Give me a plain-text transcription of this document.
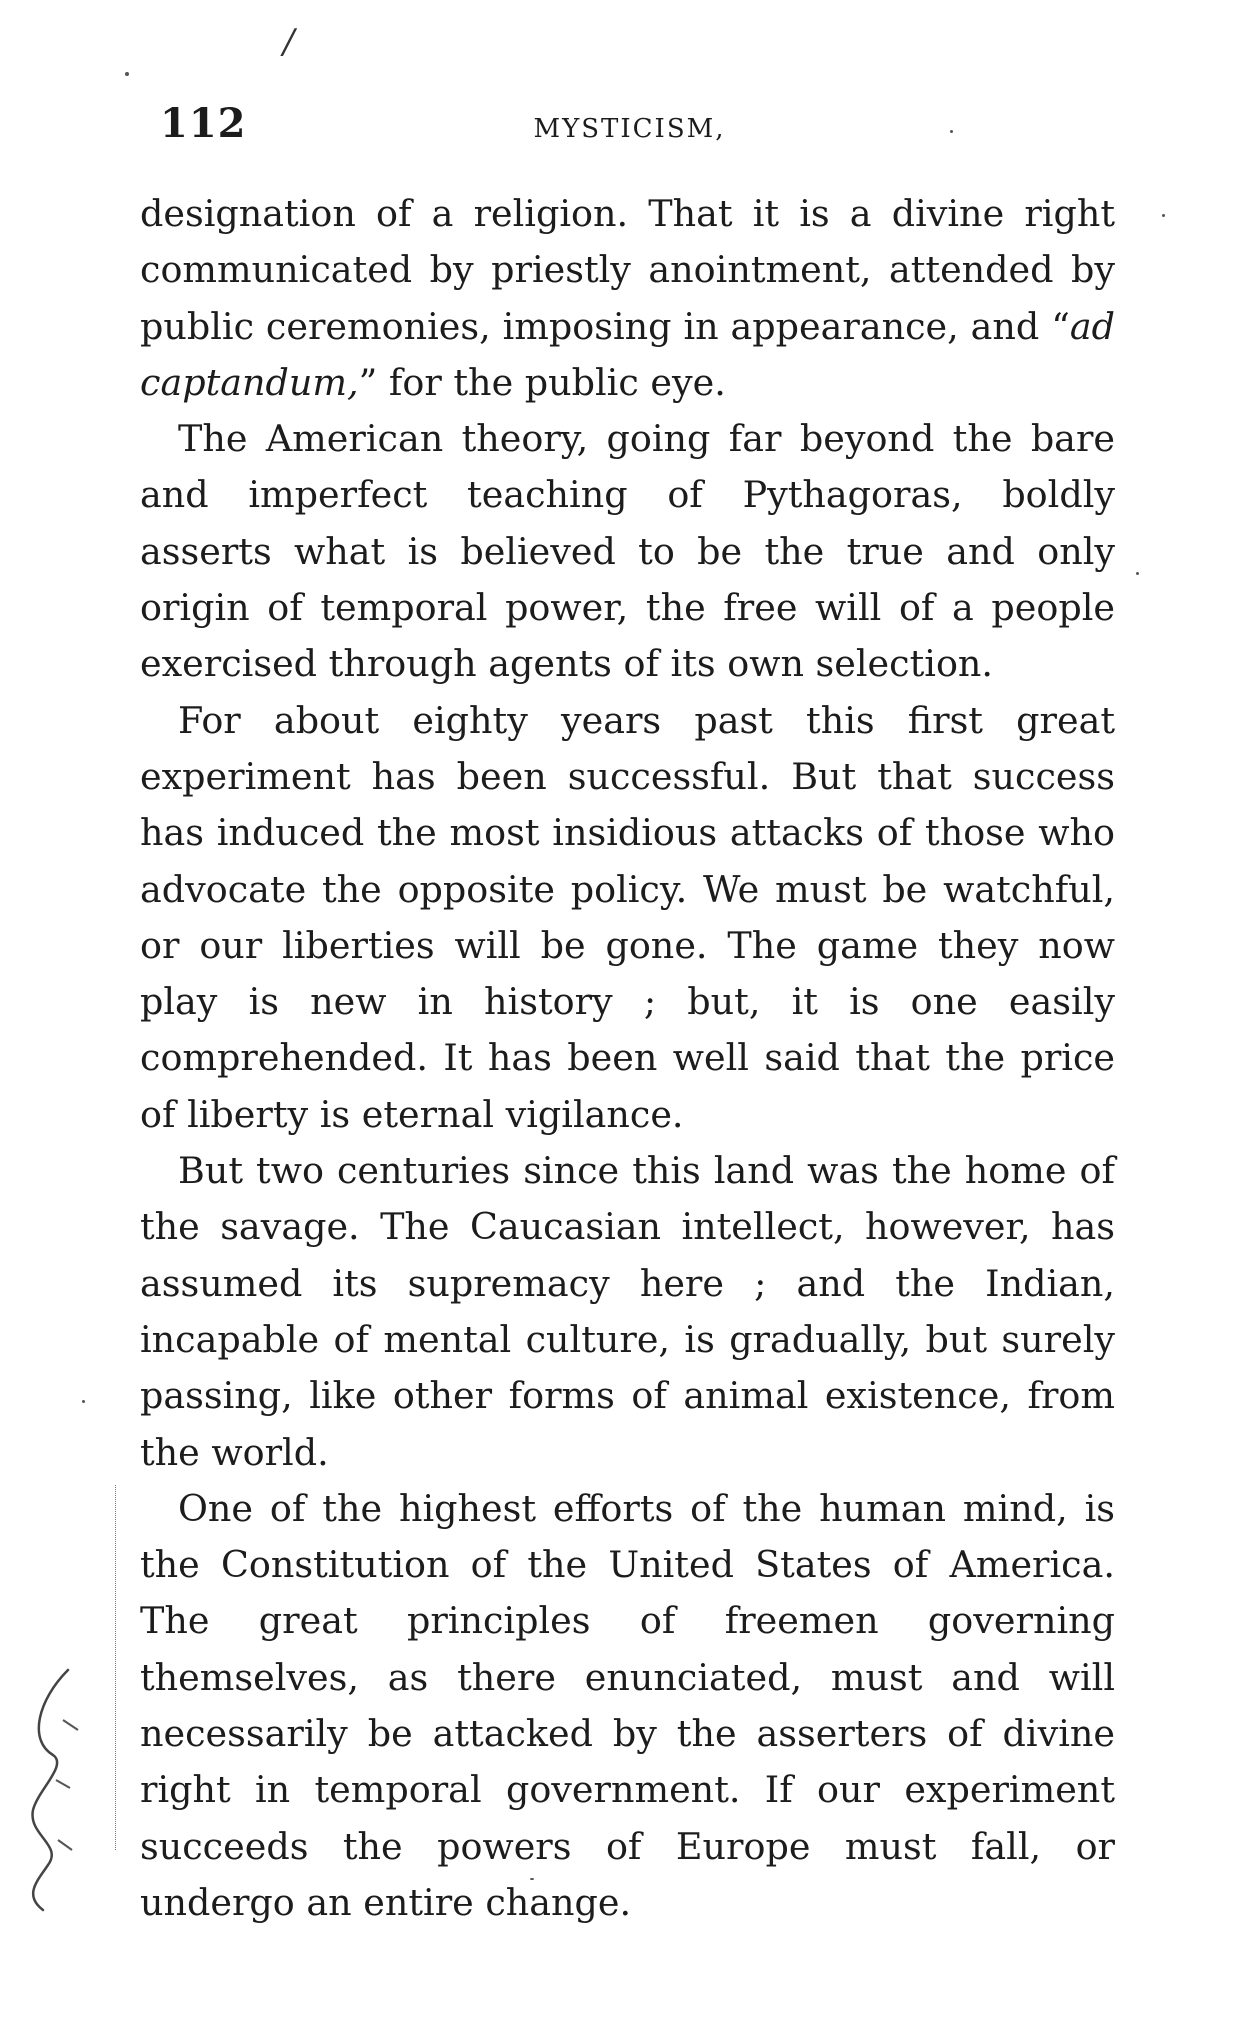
/
112	MYSTICISM,

designation of a religion. That it is a divine right communicated by priestly anointment, attended by public ceremonies, imposing in appearance, and “ad captandum,” for the public eye.

The American theory, going far beyond the bare and imperfect teaching of Pythagoras, boldly asserts what is believed to be the true and only origin of temporal power, the free will of a people exercised through agents of its own selection.

For about eighty years past this first great experiment has been successful. But that success has induced the most insidious attacks of those who advocate the opposite policy. We must be watchful, or our liberties will be gone. The game they now play is new in history ; but, it is one easily comprehended. It has been well said that the price of liberty is eternal vigilance.

But two centuries since this land was the home of the savage. The Caucasian intellect, however, has assumed its supremacy here ; and the Indian, incapable of mental culture, is gradually, but surely passing, like other forms of animal existence, from the world.

One of the highest efforts of the human mind, is the Constitution of the United States of America. The great principles of freemen governing themselves, as there enunciated, must and will necessarily be attacked by the asserters of divine right in temporal government. If our experiment succeeds the powers of Europe must fall, or undergo an entire change.
